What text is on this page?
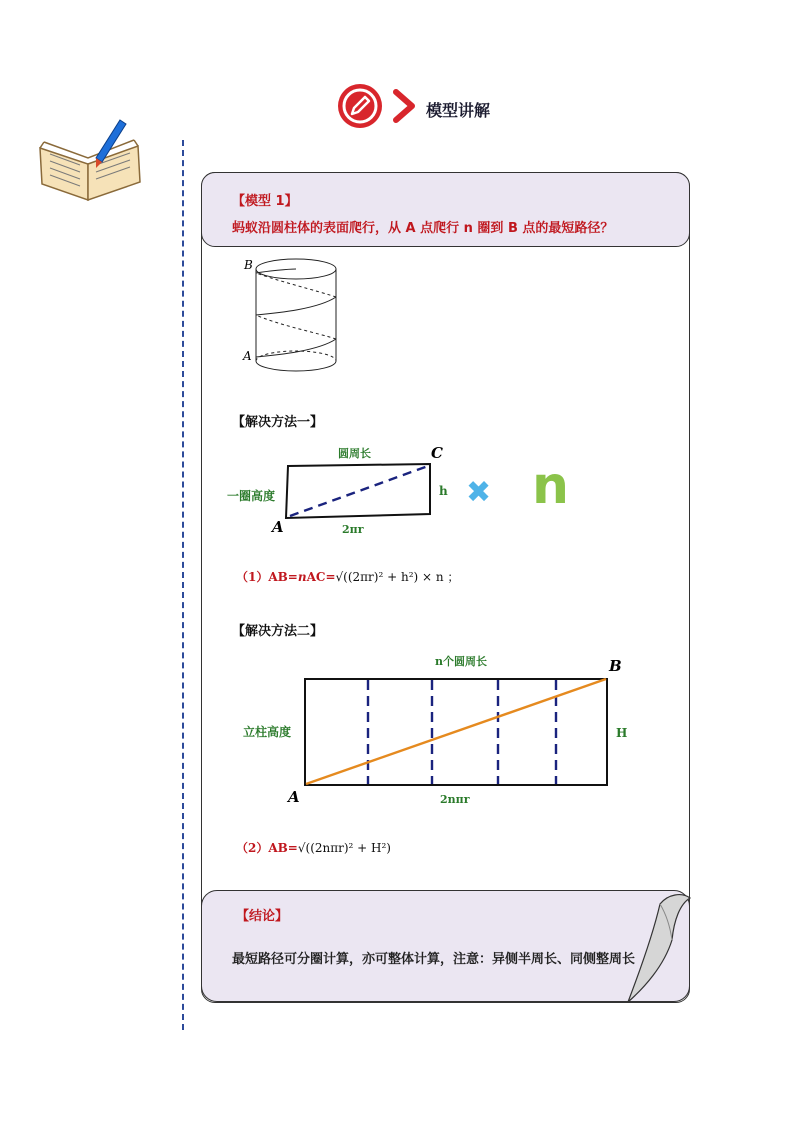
模型讲解
【模型 1】
蚂蚁沿圆柱体的表面爬行，从 A 点爬行 n 圈到 B 点的最短路径？
B
A
【解决方法一】
圆周长
一圈高度	h
2πr
A
C
✖ n
（1）AB=nAC=√((2πr)² + h²) × n ；
【解决方法二】
n个圆周长
立柱高度	H
2nπr
A
B
（2）AB=√((2nπr)² + H²)
【结论】
最短路径可分圈计算，亦可整体计算，注意：异侧半周长、同侧整周长
